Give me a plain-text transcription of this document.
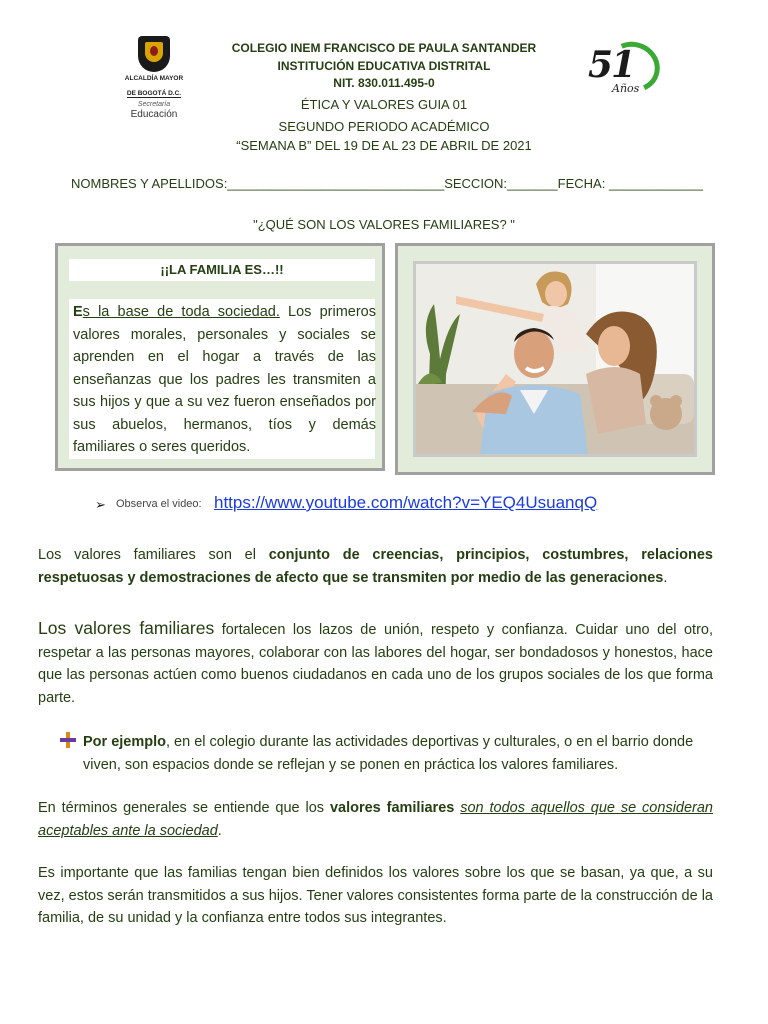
ALCALDÍA MAYOR
DE BOGOTÁ D.C.
Secretaría
Educación
51
Años
COLEGIO INEM FRANCISCO DE PAULA SANTANDER
INSTITUCIÓN EDUCATIVA DISTRITAL
NIT. 830.011.495-0
ÉTICA Y VALORES GUIA 01
SEGUNDO PERIODO ACADÉMICO
“SEMANA B” DEL 19 DE AL 23 DE ABRIL DE 2021
NOMBRES Y APELLIDOS:______________________________SECCION:_______FECHA: _____________
"¿QUÉ SON LOS VALORES FAMILIARES? "
¡¡LA FAMILIA ES…!!
Es la base de toda sociedad. Los primeros valores morales, personales y sociales se aprenden en el hogar a través de las enseñanzas que los padres les transmiten a sus hijos y que a su vez fueron enseñados por sus abuelos, hermanos, tíos y demás familiares o seres queridos.
➢ Observa el video: https://www.youtube.com/watch?v=YEQ4UsuanqQ
Los valores familiares son el conjunto de creencias, principios, costumbres, relaciones respetuosas y demostraciones de afecto que se transmiten por medio de las generaciones.
Los valores familiares fortalecen los lazos de unión, respeto y confianza. Cuidar uno del otro, respetar a las personas mayores, colaborar con las labores del hogar, ser bondadosos y honestos, hace que las personas actúen como buenos ciudadanos en cada uno de los grupos sociales de los que forma parte.
Por ejemplo, en el colegio durante las actividades deportivas y culturales, o en el barrio donde viven, son espacios donde se reflejan y se ponen en práctica los valores familiares.
En términos generales se entiende que los valores familiares son todos aquellos que se consideran aceptables ante la sociedad.
Es importante que las familias tengan bien definidos los valores sobre los que se basan, ya que, a su vez, estos serán transmitidos a sus hijos. Tener valores consistentes forma parte de la construcción de la familia, de su unidad y la confianza entre todos sus integrantes.
